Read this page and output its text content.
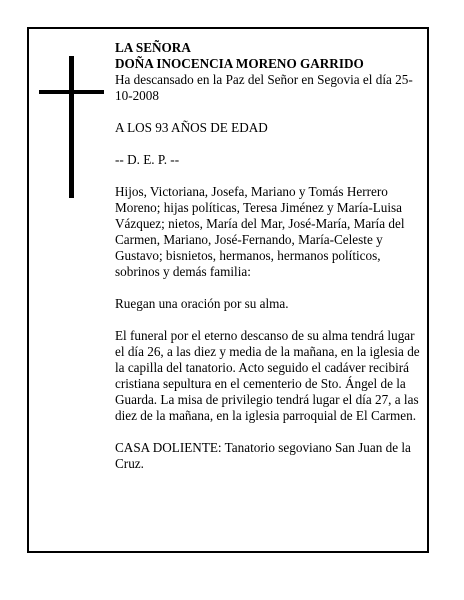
LA SEÑORA
DOÑA INOCENCIA MORENO GARRIDO

Ha descansado en la Paz del Señor en Segovia el día 25-10-2008

A LOS 93 AÑOS DE EDAD

-- D. E. P. --

Hijos, Victoriana, Josefa, Mariano y Tomás Herrero Moreno; hijas políticas, Teresa Jiménez y María-Luisa Vázquez; nietos, María del Mar, José-María, María del Carmen, Mariano, José-Fernando, María-Celeste y Gustavo; bisnietos, hermanos, hermanos políticos, sobrinos y demás familia:

Ruegan una oración por su alma.

El funeral por el eterno descanso de su alma tendrá lugar el día 26, a las diez y media de la mañana, en la iglesia de la capilla del tanatorio. Acto seguido el cadáver recibirá cristiana sepultura en el cementerio de Sto. Ángel de la Guarda. La misa de privilegio tendrá lugar el día 27, a las diez de la mañana, en la iglesia parroquial de El Carmen.

CASA DOLIENTE: Tanatorio segoviano San Juan de la Cruz.
